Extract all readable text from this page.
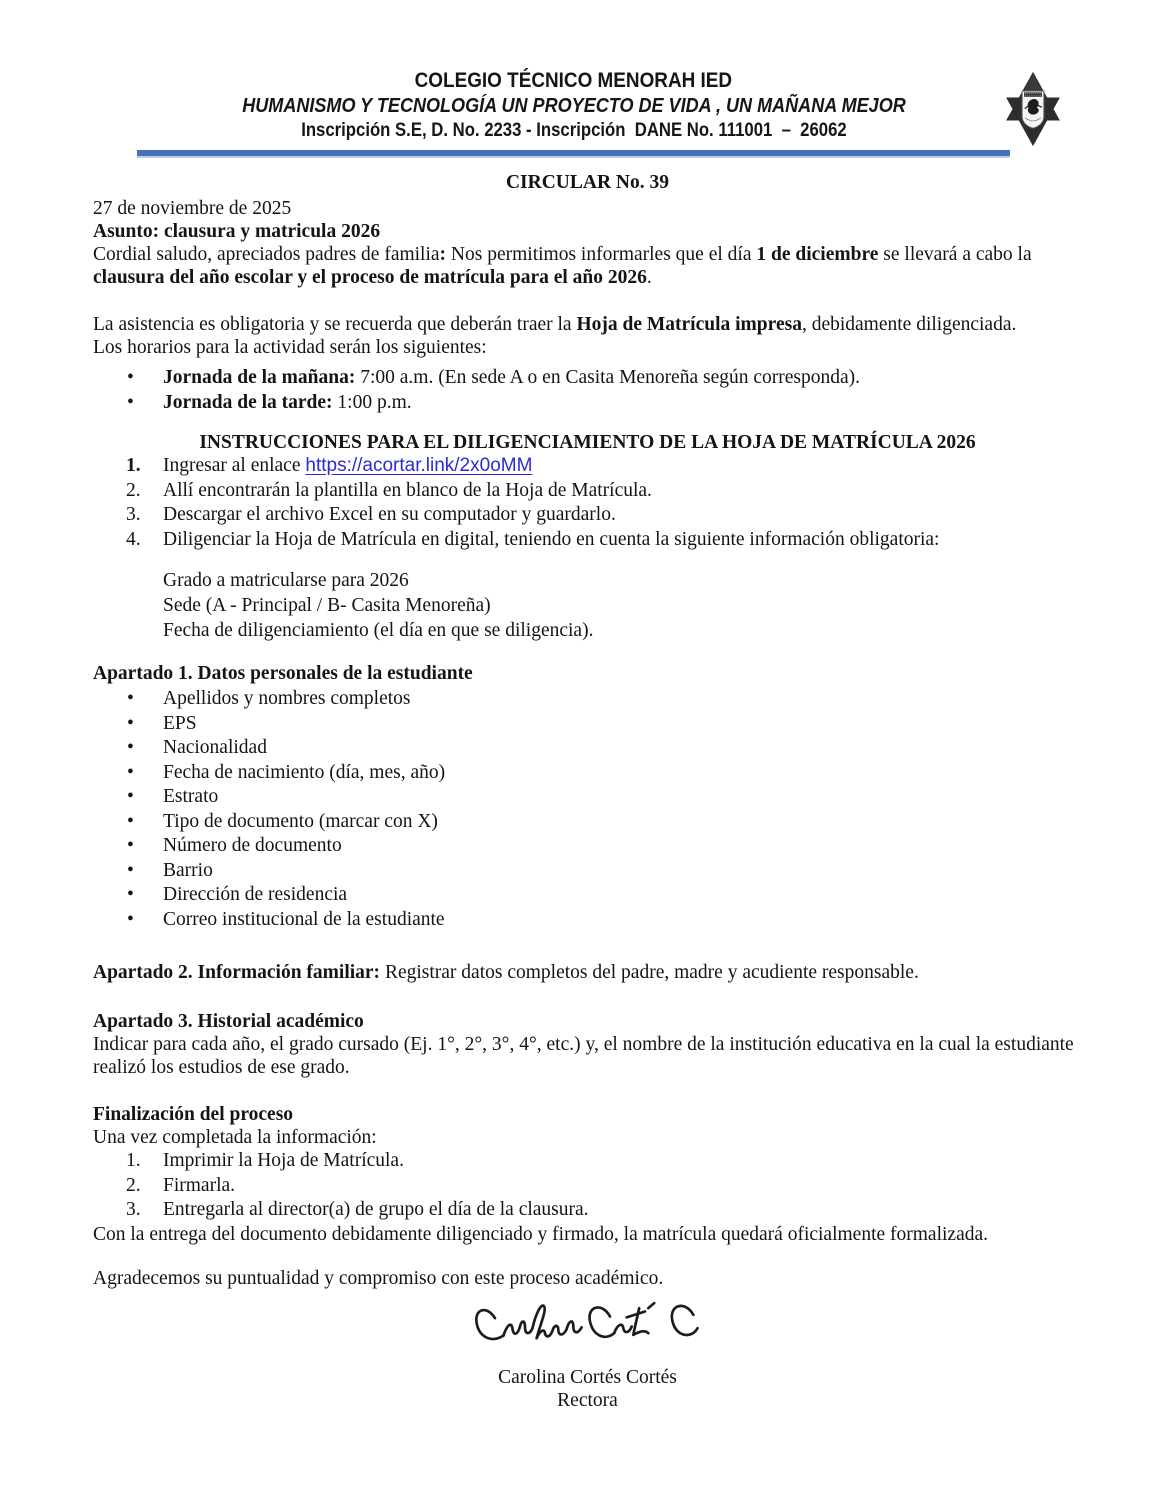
COLEGIO TÉCNICO MENORAH IED
HUMANISMO Y TECNOLOGÍA UN PROYECTO DE VIDA , UN MAÑANA MEJOR
Inscripción S.E, D. No. 2233 - Inscripción  DANE No. 111001  –  26062
CIRCULAR No. 39
27 de noviembre de 2025
Asunto: clausura y matricula 2026
Cordial saludo, apreciados padres de familia: Nos permitimos informarles que el día 1 de diciembre se llevará a cabo la clausura del año escolar y el proceso de matrícula para el año 2026.
La asistencia es obligatoria y se recuerda que deberán traer la Hoja de Matrícula impresa, debidamente diligenciada.
Los horarios para la actividad serán los siguientes:
• Jornada de la mañana: 7:00 a.m. (En sede A o en Casita Menoreña según corresponda).
• Jornada de la tarde: 1:00 p.m.
INSTRUCCIONES PARA EL DILIGENCIAMIENTO DE LA HOJA DE MATRÍCULA 2026
1. Ingresar al enlace https://acortar.link/2x0oMM
2. Allí encontrarán la plantilla en blanco de la Hoja de Matrícula.
3. Descargar el archivo Excel en su computador y guardarlo.
4. Diligenciar la Hoja de Matrícula en digital, teniendo en cuenta la siguiente información obligatoria:
Grado a matricularse para 2026
Sede (A - Principal / B- Casita Menoreña)
Fecha de diligenciamiento (el día en que se diligencia).
Apartado 1. Datos personales de la estudiante
• Apellidos y nombres completos
• EPS
• Nacionalidad
• Fecha de nacimiento (día, mes, año)
• Estrato
• Tipo de documento (marcar con X)
• Número de documento
• Barrio
• Dirección de residencia
• Correo institucional de la estudiante
Apartado 2. Información familiar: Registrar datos completos del padre, madre y acudiente responsable.
Apartado 3. Historial académico
Indicar para cada año, el grado cursado (Ej. 1°, 2°, 3°, 4°, etc.) y, el nombre de la institución educativa en la cual la estudiante realizó los estudios de ese grado.
Finalización del proceso
Una vez completada la información:
1. Imprimir la Hoja de Matrícula.
2. Firmarla.
3. Entregarla al director(a) de grupo el día de la clausura.
Con la entrega del documento debidamente diligenciado y firmado, la matrícula quedará oficialmente formalizada.
Agradecemos su puntualidad y compromiso con este proceso académico.
Carolina Cortés Cortés
Rectora
